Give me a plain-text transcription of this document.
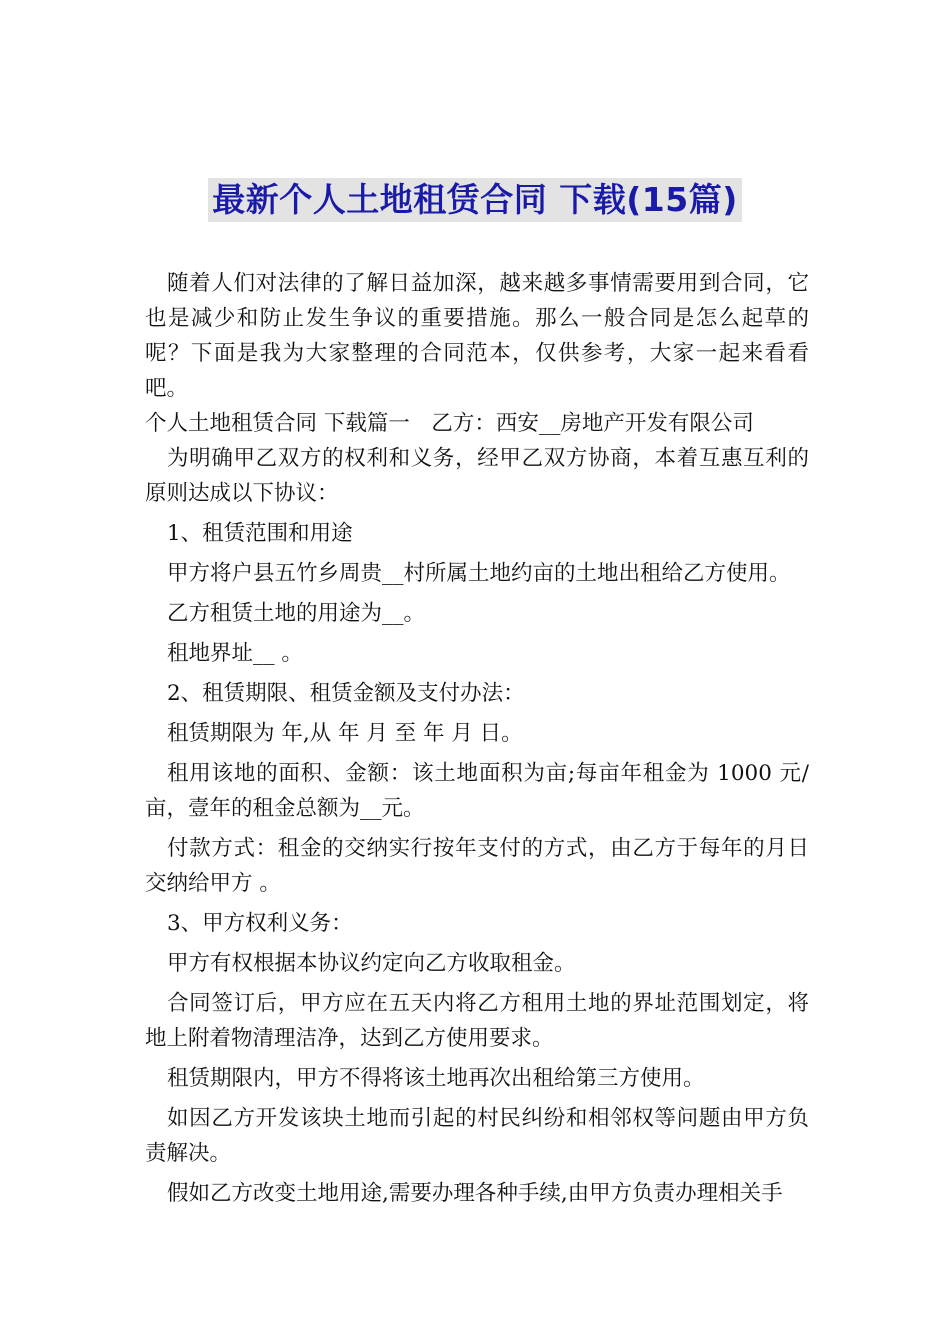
最新个人土地租赁合同 下载(15篇)

随着人们对法律的了解日益加深，越来越多事情需要用到合同，它也是减少和防止发生争议的重要措施。那么一般合同是怎么起草的呢？下面是我为大家整理的合同范本，仅供参考，大家一起来看看吧。

个人土地租赁合同 下载篇一　乙方：西安__房地产开发有限公司

为明确甲乙双方的权利和义务，经甲乙双方协商，本着互惠互利的原则达成以下协议：

1、租赁范围和用途

甲方将户县五竹乡周贵__村所属土地约亩的土地出租给乙方使用。

乙方租赁土地的用途为__。

租地界址__ 。

2、租赁期限、租赁金额及支付办法：

租赁期限为 年,从 年 月 至 年 月 日。

租用该地的面积、金额：该土地面积为亩;每亩年租金为 1000 元/亩，壹年的租金总额为__元。

付款方式：租金的交纳实行按年支付的方式，由乙方于每年的月日交纳给甲方 。

3、甲方权利义务：

甲方有权根据本协议约定向乙方收取租金。

合同签订后，甲方应在五天内将乙方租用土地的界址范围划定，将地上附着物清理洁净，达到乙方使用要求。

租赁期限内，甲方不得将该土地再次出租给第三方使用。

如因乙方开发该块土地而引起的村民纠纷和相邻权等问题由甲方负责解决。

假如乙方改变土地用途,需要办理各种手续,由甲方负责办理相关手
